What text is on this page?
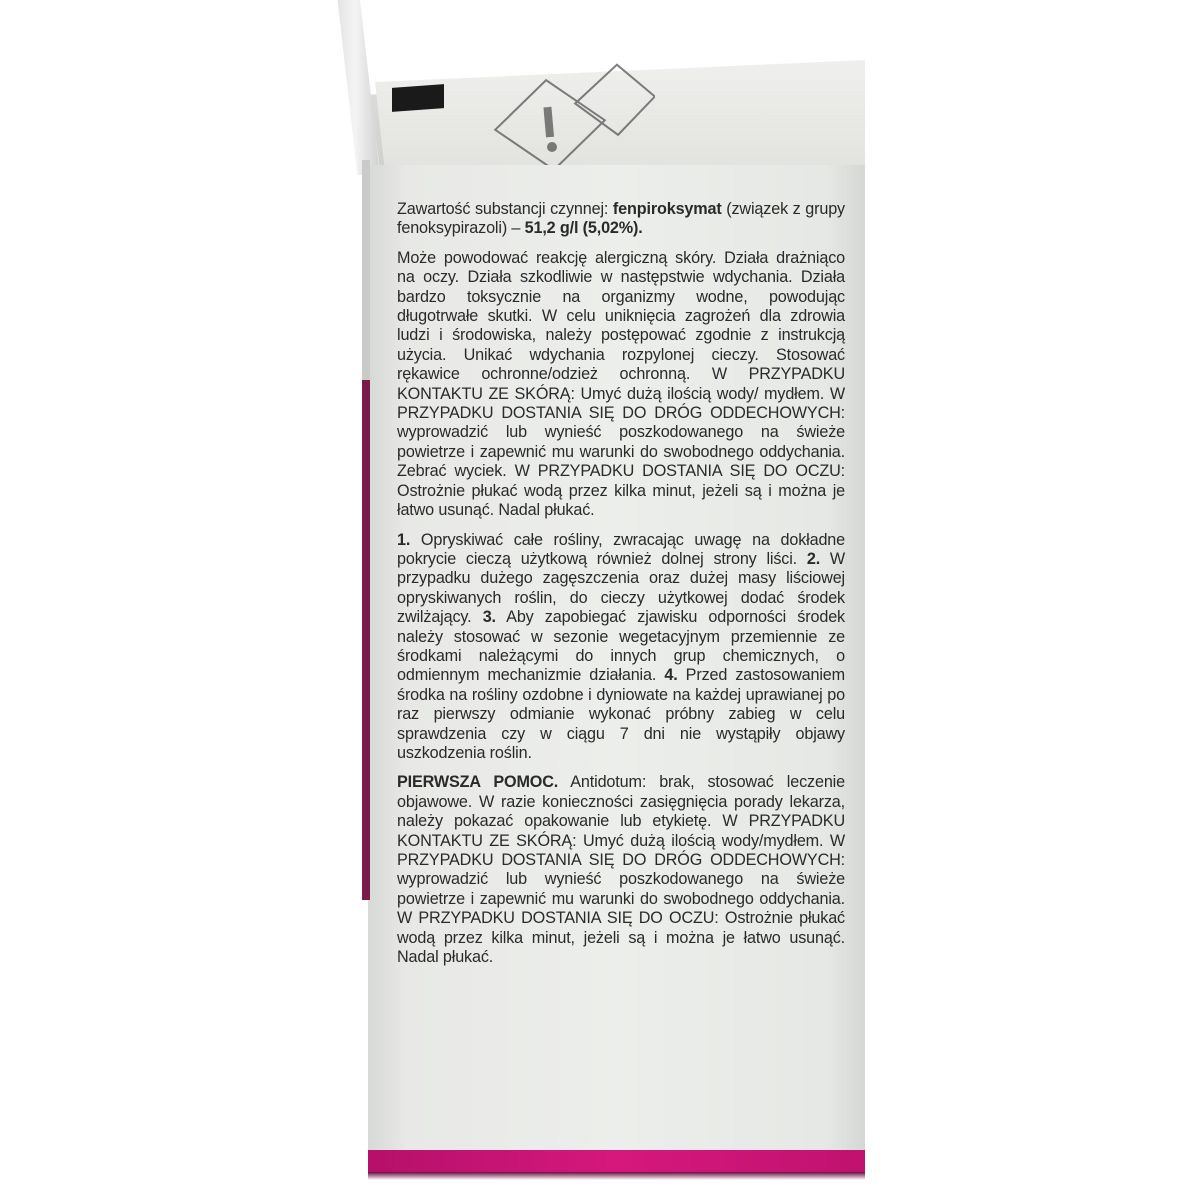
Zawartość substancji czynnej: fenpiroksymat (związek z grupy fenoksypirazoli) – 51,2 g/l (5,02%).

Może powodować reakcję alergiczną skóry. Działa drażniąco na oczy. Działa szkodliwie w następstwie wdychania. Działa bardzo toksycznie na organizmy wodne, powodując długotrwałe skutki. W celu uniknięcia zagrożeń dla zdrowia ludzi i środowiska, należy postępować zgodnie z instrukcją użycia. Unikać wdychania rozpylonej cieczy. Stosować rękawice ochronne/odzież ochronną. W PRZYPADKU KONTAKTU ZE SKÓRĄ: Umyć dużą ilością wody/ mydłem. W PRZYPADKU DOSTANIA SIĘ DO DRÓG ODDECHOWYCH: wyprowadzić lub wynieść poszkodowanego na świeże powietrze i zapewnić mu warunki do swobodnego oddychania. Zebrać wyciek. W PRZYPADKU DOSTANIA SIĘ DO OCZU: Ostrożnie płukać wodą przez kilka minut, jeżeli są i można je łatwo usunąć. Nadal płukać.

1. Opryskiwać całe rośliny, zwracając uwagę na dokładne pokrycie cieczą użytkową również dolnej strony liści. 2. W przypadku dużego zagęszczenia oraz dużej masy liściowej opryskiwanych roślin, do cieczy użytkowej dodać środek zwilżający. 3. Aby zapobiegać zjawisku odporności środek należy stosować w sezonie wegetacyjnym przemiennie ze środkami należącymi do innych grup chemicznych, o odmiennym mechanizmie działania. 4. Przed zastosowaniem środka na rośliny ozdobne i dyniowate na każdej uprawianej po raz pierwszy odmianie wykonać próbny zabieg w celu sprawdzenia czy w ciągu 7 dni nie wystąpiły objawy uszkodzenia roślin.

PIERWSZA POMOC. Antidotum: brak, stosować leczenie objawowe. W razie konieczności zasięgnięcia porady lekarza, należy pokazać opakowanie lub etykietę. W PRZYPADKU KONTAKTU ZE SKÓRĄ: Umyć dużą ilością wody/mydłem. W PRZYPADKU DOSTANIA SIĘ DO DRÓG ODDECHOWYCH: wyprowadzić lub wynieść poszkodowanego na świeże powietrze i zapewnić mu warunki do swobodnego oddychania. W PRZYPADKU DOSTANIA SIĘ DO OCZU: Ostrożnie płukać wodą przez kilka minut, jeżeli są i można je łatwo usunąć. Nadal płukać.
